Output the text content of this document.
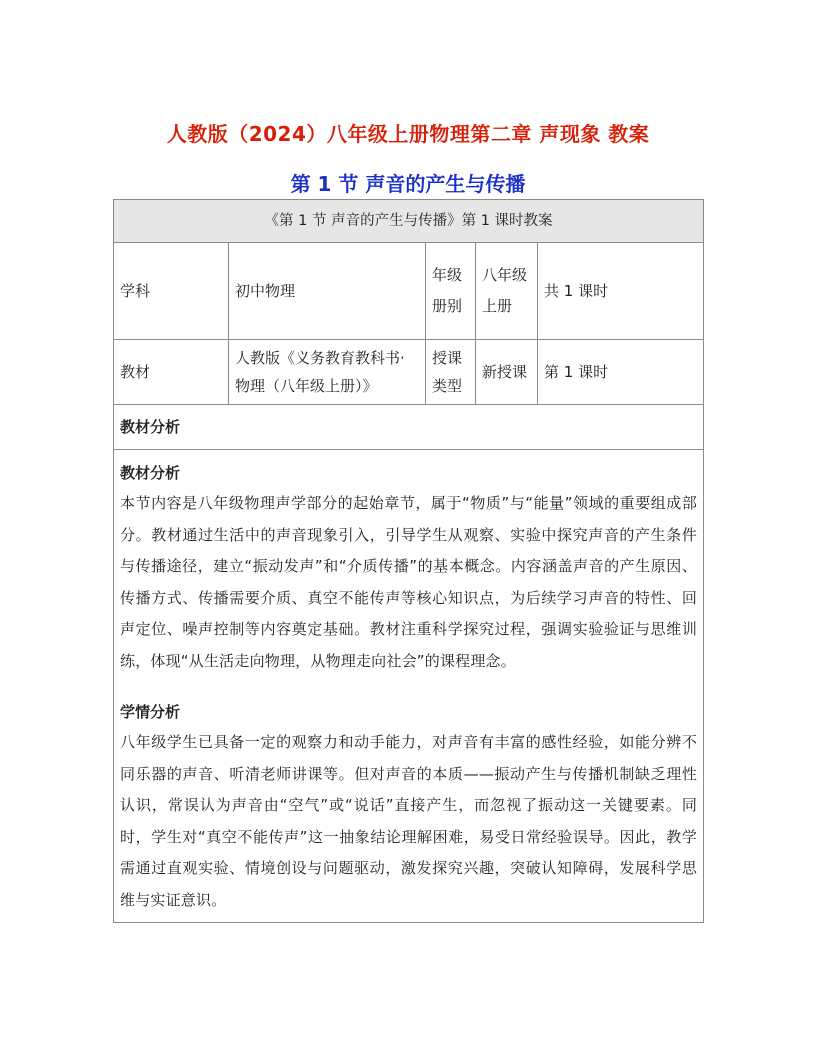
人教版（2024）八年级上册物理第二章 声现象 教案
第 1 节 声音的产生与传播
《第 1 节 声音的产生与传播》第 1 课时教案				
学科	初中物理	年级册别	八年级上册	共 1 课时
教材	人教版《义务教育教科书·物理（八年级上册）》	授课类型	新授课	第 1 课时
教材分析				

教材分析
本节内容是八年级物理声学部分的起始章节，属于“物质”与“能量”领域的重要组成部分。教材通过生活中的声音现象引入，引导学生从观察、实验中探究声音的产生条件与传播途径，建立“振动发声”和“介质传播”的基本概念。内容涵盖声音的产生原因、传播方式、传播需要介质、真空不能传声等核心知识点，为后续学习声音的特性、回声定位、噪声控制等内容奠定基础。教材注重科学探究过程，强调实验验证与思维训练，体现“从生活走向物理，从物理走向社会”的课程理念。
学情分析
八年级学生已具备一定的观察力和动手能力，对声音有丰富的感性经验，如能分辨不同乐器的声音、听清老师讲课等。但对声音的本质——振动产生与传播机制缺乏理性认识，常误认为声音由“空气”或“说话”直接产生，而忽视了振动这一关键要素。同时，学生对“真空不能传声”这一抽象结论理解困难，易受日常经验误导。因此，教学需通过直观实验、情境创设与问题驱动，激发探究兴趣，突破认知障碍，发展科学思维与实证意识。				
